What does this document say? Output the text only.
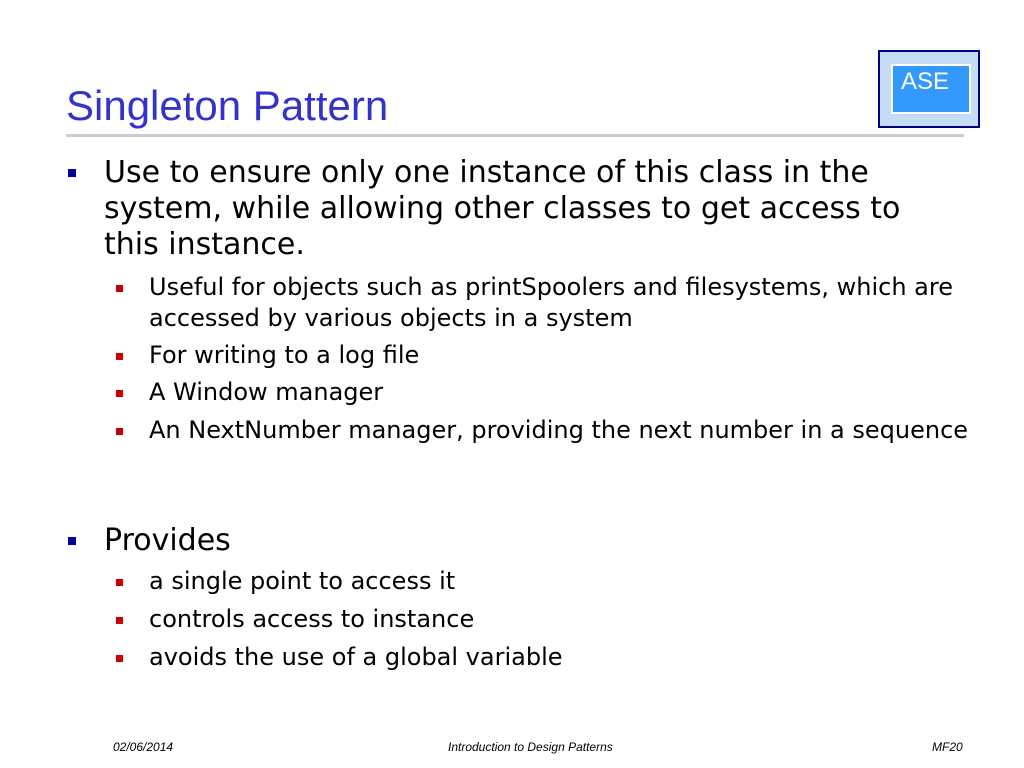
Singleton Pattern
ASE
Use to ensure only one instance of this class in the system, while allowing other classes to get access to this instance.
Useful for objects such as printSpoolers and filesystems, which are accessed by various objects in a system
For writing to a log file
A Window manager
An NextNumber manager, providing the next number in a sequence
Provides
a single point to access it
controls access to instance
avoids the use of a global variable
02/06/2014	Introduction to Design Patterns	MF20
